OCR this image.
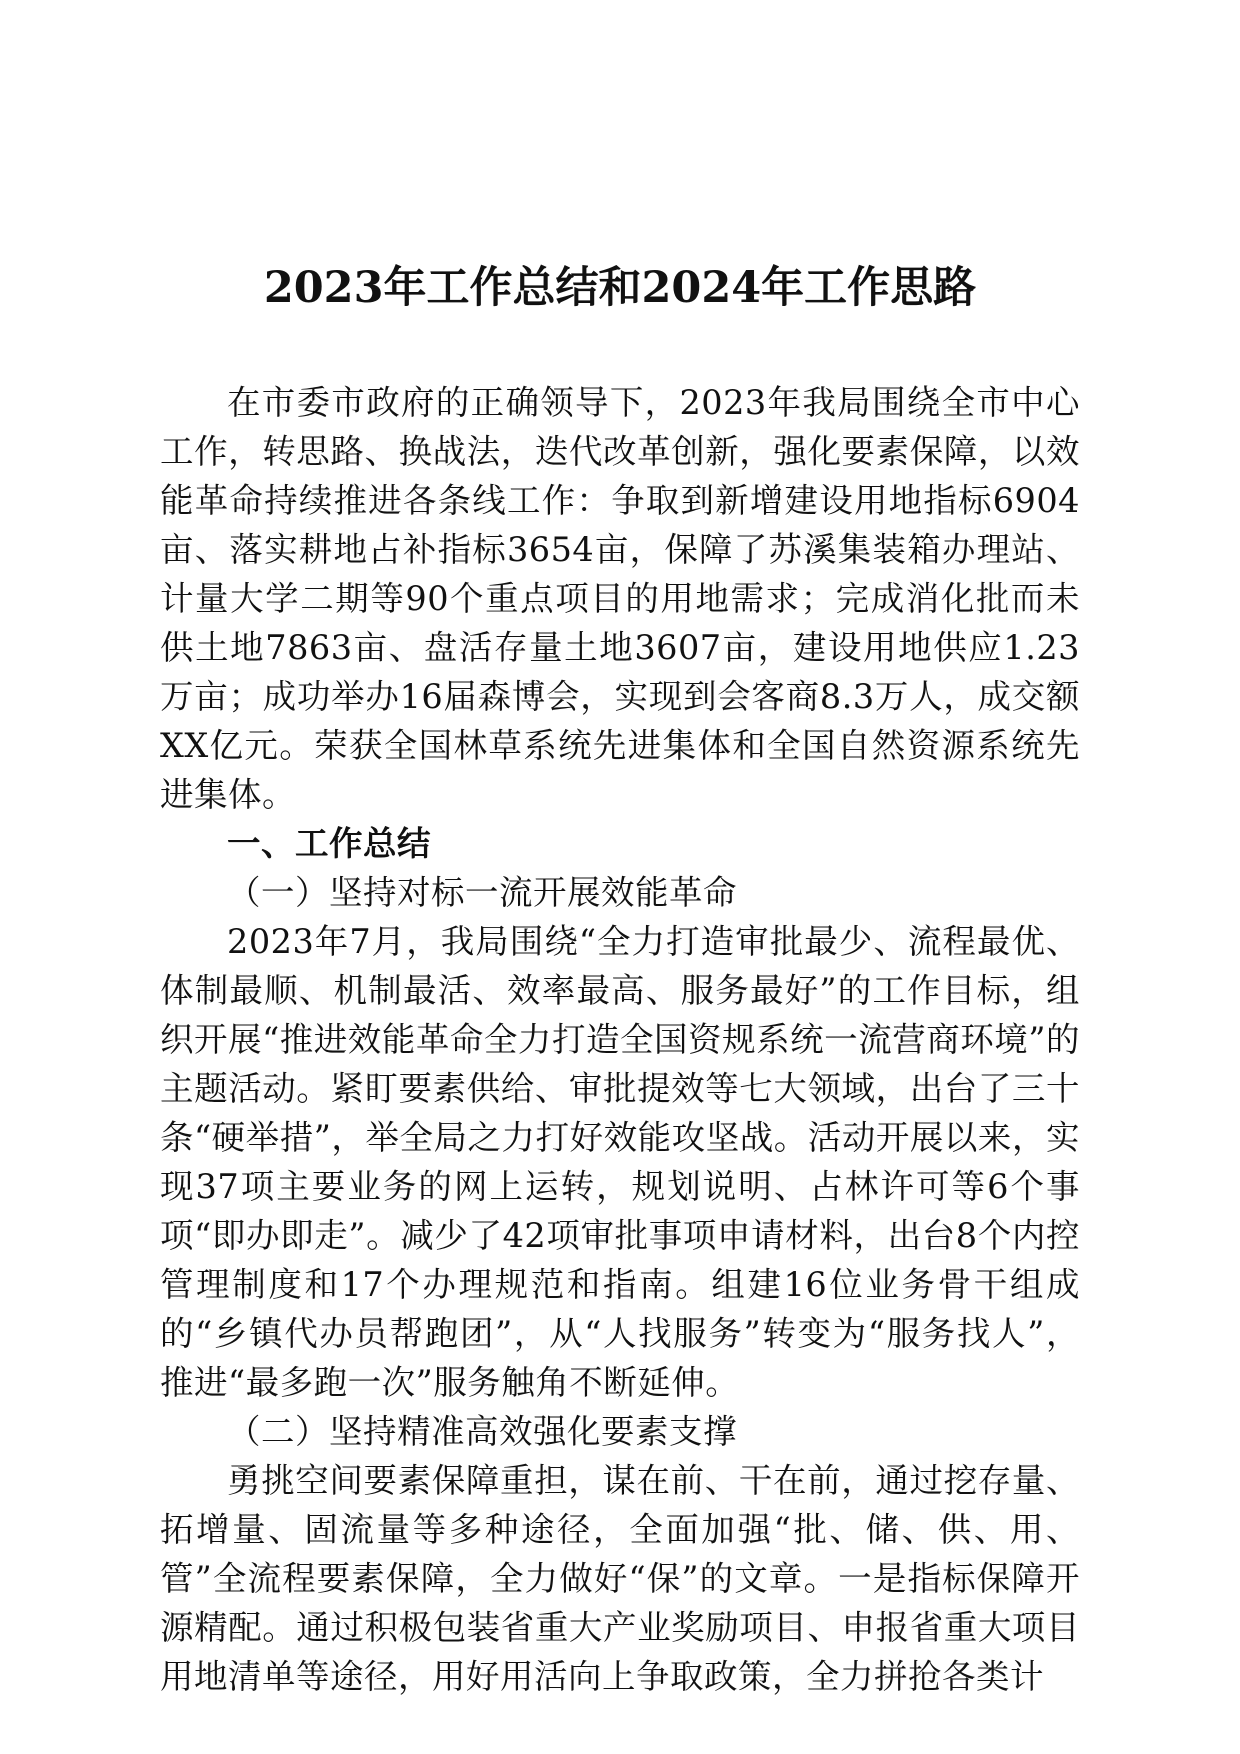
2023年工作总结和2024年工作思路

在市委市政府的正确领导下，2023年我局围绕全市中心工作，转思路、换战法，迭代改革创新，强化要素保障，以效能革命持续推进各条线工作：争取到新增建设用地指标6904亩、落实耕地占补指标3654亩，保障了苏溪集装箱办理站、计量大学二期等90个重点项目的用地需求；完成消化批而未供土地7863亩、盘活存量土地3607亩，建设用地供应1.23万亩；成功举办16届森博会，实现到会客商8.3万人，成交额XX亿元。荣获全国林草系统先进集体和全国自然资源系统先进集体。

一、工作总结

（一）坚持对标一流开展效能革命

2023年7月，我局围绕“全力打造审批最少、流程最优、体制最顺、机制最活、效率最高、服务最好”的工作目标，组织开展“推进效能革命全力打造全国资规系统一流营商环境”的主题活动。紧盯要素供给、审批提效等七大领域，出台了三十条“硬举措”，举全局之力打好效能攻坚战。活动开展以来，实现37项主要业务的网上运转，规划说明、占林许可等6个事项“即办即走”。减少了42项审批事项申请材料，出台8个内控管理制度和17个办理规范和指南。组建16位业务骨干组成的“乡镇代办员帮跑团”，从“人找服务”转变为“服务找人”，推进“最多跑一次”服务触角不断延伸。

（二）坚持精准高效强化要素支撑

勇挑空间要素保障重担，谋在前、干在前，通过挖存量、拓增量、固流量等多种途径，全面加强“批、储、供、用、管”全流程要素保障，全力做好“保”的文章。一是指标保障开源精配。通过积极包装省重大产业奖励项目、申报省重大项目用地清单等途径，用好用活向上争取政策，全力拼抢各类计
